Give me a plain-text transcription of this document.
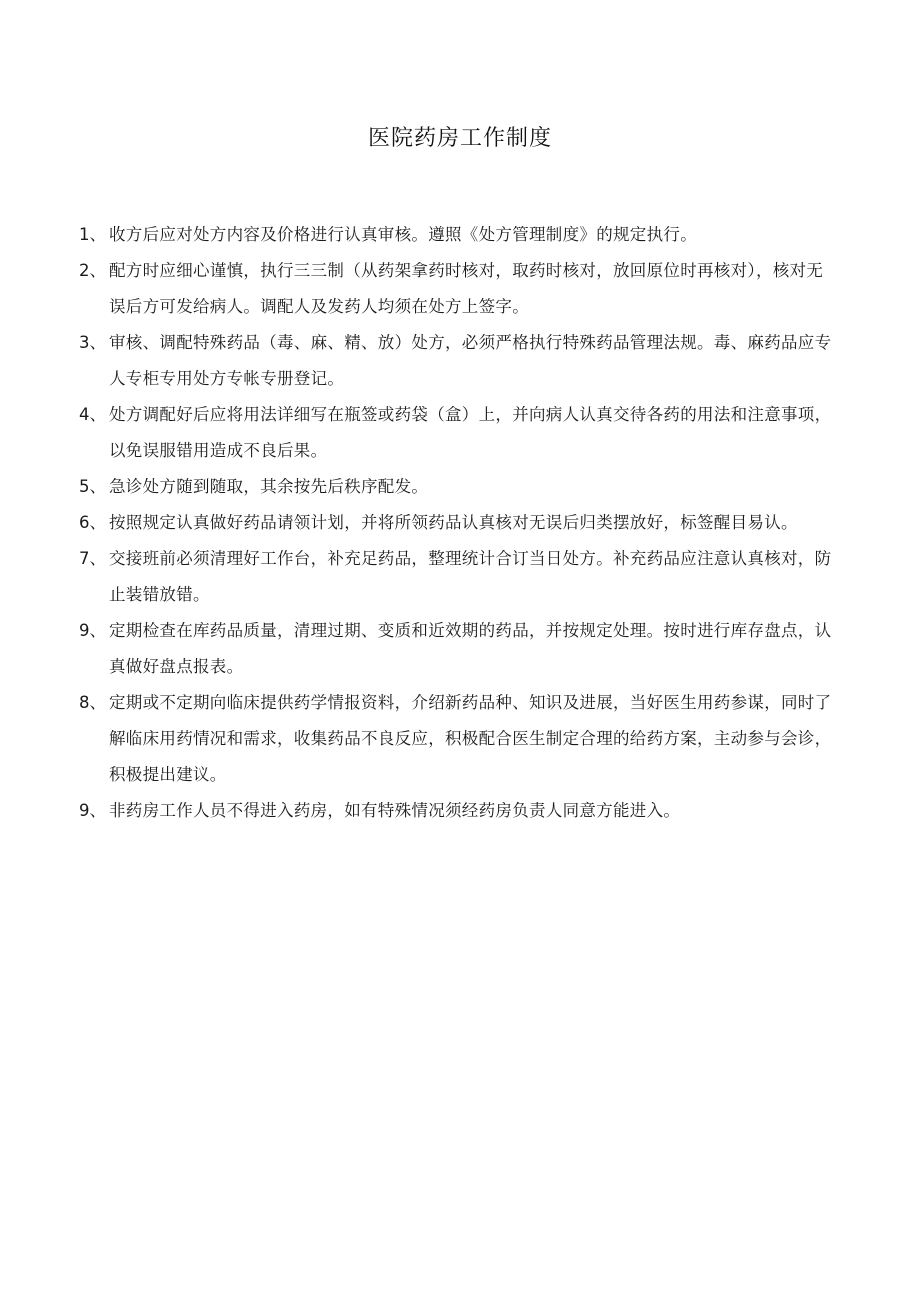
医院药房工作制度
1、 收方后应对处方内容及价格进行认真审核。遵照《处方管理制度》的规定执行。
2、 配方时应细心谨慎，执行三三制（从药架拿药时核对，取药时核对，放回原位时再核对），核对无误后方可发给病人。调配人及发药人均须在处方上签字。
3、 审核、调配特殊药品（毒、麻、精、放）处方，必须严格执行特殊药品管理法规。毒、麻药品应专人专柜专用处方专帐专册登记。
4、 处方调配好后应将用法详细写在瓶签或药袋（盒）上，并向病人认真交待各药的用法和注意事项，以免误服错用造成不良后果。
5、 急诊处方随到随取，其余按先后秩序配发。
6、 按照规定认真做好药品请领计划，并将所领药品认真核对无误后归类摆放好，标签醒目易认。
7、 交接班前必须清理好工作台，补充足药品，整理统计合订当日处方。补充药品应注意认真核对，防止装错放错。
9、 定期检查在库药品质量，清理过期、变质和近效期的药品，并按规定处理。按时进行库存盘点，认真做好盘点报表。
8、 定期或不定期向临床提供药学情报资料，介绍新药品种、知识及进展，当好医生用药参谋，同时了解临床用药情况和需求，收集药品不良反应，积极配合医生制定合理的给药方案，主动参与会诊，积极提出建议。
9、 非药房工作人员不得进入药房，如有特殊情况须经药房负责人同意方能进入。
